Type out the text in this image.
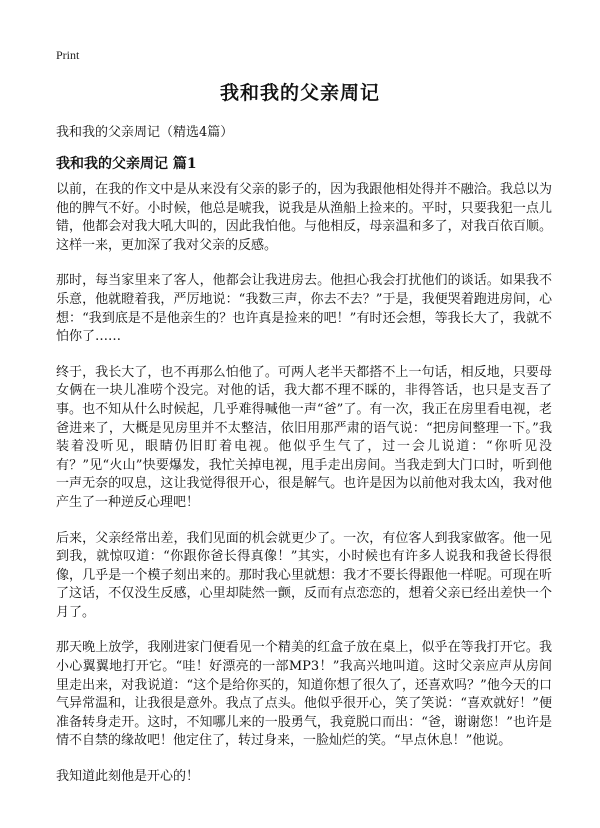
Print
我和我的父亲周记
我和我的父亲周记（精选4篇）
我和我的父亲周记 篇1

以前，在我的作文中是从来没有父亲的影子的，因为我跟他相处得并不融洽。我总以为他的脾气不好。小时候，他总是唬我，说我是从渔船上捡来的。平时，只要我犯一点儿错，他都会对我大吼大叫的，因此我怕他。与他相反，母亲温和多了，对我百依百顺。这样一来，更加深了我对父亲的反感。

那时，每当家里来了客人，他都会让我进房去。他担心我会打扰他们的谈话。如果我不乐意，他就瞪着我，严厉地说：“我数三声，你去不去？”于是，我便哭着跑进房间，心想：“我到底是不是他亲生的？也许真是捡来的吧！”有时还会想，等我长大了，我就不怕你了……

终于，我长大了，也不再那么怕他了。可两人老半天都搭不上一句话，相反地，只要母女俩在一块儿准唠个没完。对他的话，我大都不理不睬的，非得答话，也只是支吾了事。也不知从什么时候起，几乎难得喊他一声“爸”了。有一次，我正在房里看电视，老爸进来了，大概是见房里并不太整洁，依旧用那严肃的语气说：“把房间整理一下。”我装着没听见，眼睛仍旧盯着电视。他似乎生气了，过一会儿说道：“你听见没有？”见“火山”快要爆发，我忙关掉电视，甩手走出房间。当我走到大门口时，听到他一声无奈的叹息，这让我觉得很开心，很是解气。也许是因为以前他对我太凶，我对他产生了一种逆反心理吧！

后来，父亲经常出差，我们见面的机会就更少了。一次，有位客人到我家做客。他一见到我，就惊叹道：“你跟你爸长得真像！”其实，小时候也有许多人说我和我爸长得很像，几乎是一个模子刻出来的。那时我心里就想：我才不要长得跟他一样呢。可现在听了这话，不仅没生反感，心里却陡然一颤，反而有点恋恋的，想着父亲已经出差快一个月了。

那天晚上放学，我刚进家门便看见一个精美的红盒子放在桌上，似乎在等我打开它。我小心翼翼地打开它。“哇！好漂亮的一部MP3！”我高兴地叫道。这时父亲应声从房间里走出来，对我说道：“这个是给你买的，知道你想了很久了，还喜欢吗？”他今天的口气异常温和，让我很是意外。我点了点头。他似乎很开心，笑了笑说：“喜欢就好！”便准备转身走开。这时，不知哪儿来的一股勇气，我竟脱口而出：“爸，谢谢您！”也许是情不自禁的缘故吧！他定住了，转过身来，一脸灿烂的笑。“早点休息！”他说。

我知道此刻他是开心的！
